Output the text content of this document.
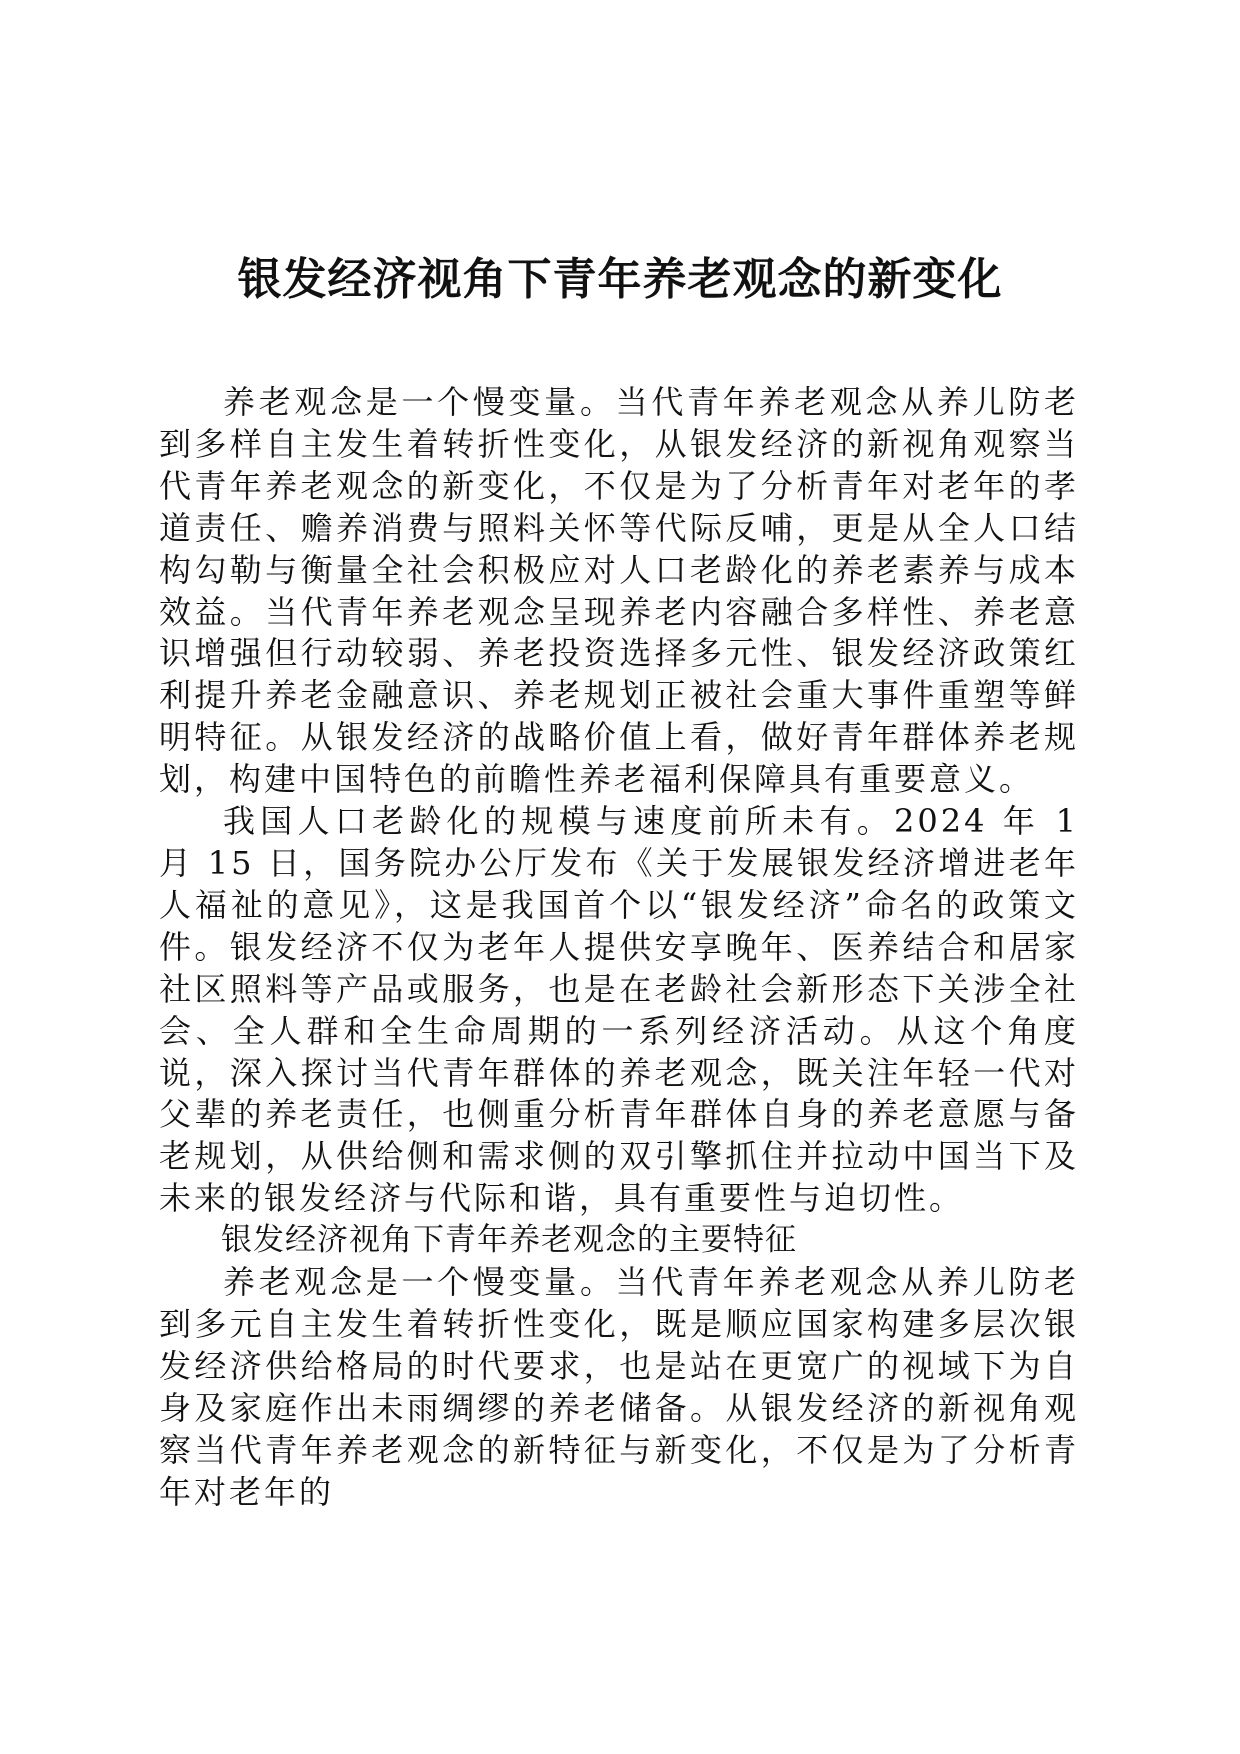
银发经济视角下青年养老观念的新变化

养老观念是一个慢变量。当代青年养老观念从养儿防老到多样自主发生着转折性变化，从银发经济的新视角观察当代青年养老观念的新变化，不仅是为了分析青年对老年的孝道责任、赡养消费与照料关怀等代际反哺，更是从全人口结构勾勒与衡量全社会积极应对人口老龄化的养老素养与成本效益。当代青年养老观念呈现养老内容融合多样性、养老意识增强但行动较弱、养老投资选择多元性、银发经济政策红利提升养老金融意识、养老规划正被社会重大事件重塑等鲜明特征。从银发经济的战略价值上看，做好青年群体养老规划，构建中国特色的前瞻性养老福利保障具有重要意义。

我国人口老龄化的规模与速度前所未有。2024 年 1 月 15 日，国务院办公厅发布《关于发展银发经济增进老年人福祉的意见》，这是我国首个以“银发经济”命名的政策文件。银发经济不仅为老年人提供安享晚年、医养结合和居家社区照料等产品或服务，也是在老龄社会新形态下关涉全社会、全人群和全生命周期的一系列经济活动。从这个角度说，深入探讨当代青年群体的养老观念，既关注年轻一代对父辈的养老责任，也侧重分析青年群体自身的养老意愿与备老规划，从供给侧和需求侧的双引擎抓住并拉动中国当下及未来的银发经济与代际和谐，具有重要性与迫切性。

银发经济视角下青年养老观念的主要特征

养老观念是一个慢变量。当代青年养老观念从养儿防老到多元自主发生着转折性变化，既是顺应国家构建多层次银发经济供给格局的时代要求，也是站在更宽广的视域下为自身及家庭作出未雨绸缪的养老储备。从银发经济的新视角观察当代青年养老观念的新特征与新变化，不仅是为了分析青年对老年的
